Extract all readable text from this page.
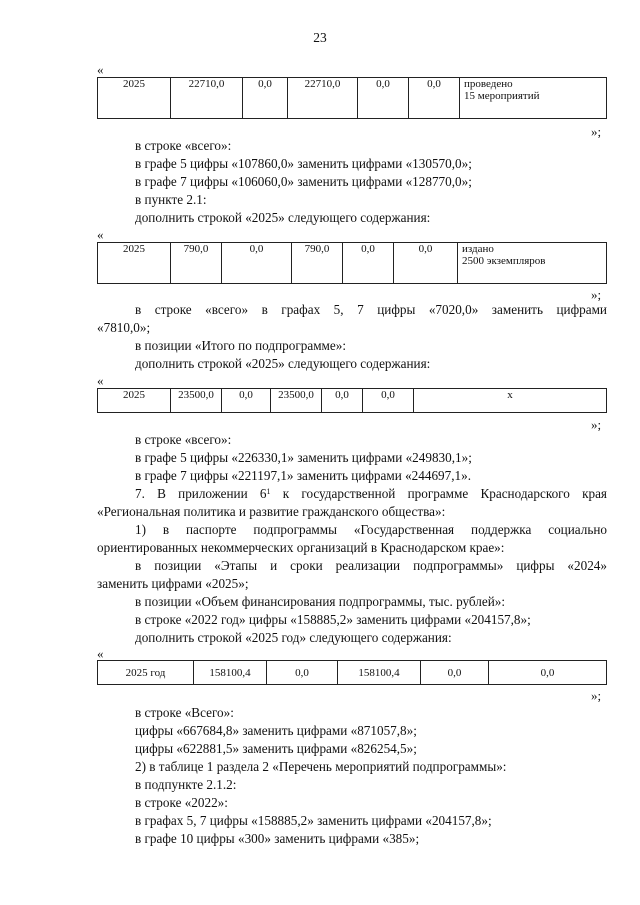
23
«
2025	22710,0	0,0	22710,0	0,0	0,0	проведено
15 мероприятий
»;
в строке «всего»:
в графе 5 цифры «107860,0» заменить цифрами «130570,0»;
в графе 7 цифры «106060,0» заменить цифрами «128770,0»;
в пункте 2.1:
дополнить строкой «2025» следующего содержания:
«
2025	790,0	0,0	790,0	0,0	0,0	издано
2500 экземпляров
»;
в строке «всего» в графах 5, 7 цифры «7020,0» заменить цифрами
«7810,0»;
в позиции «Итого по подпрограмме»:
дополнить строкой «2025» следующего содержания:
«
2025	23500,0	0,0	23500,0	0,0	0,0	х
»;
в строке «всего»:
в графе 5 цифры «226330,1» заменить цифрами «249830,1»;
в графе 7 цифры «221197,1» заменить цифрами «244697,1».
7. В приложении $6^1$ к государственной программе Краснодарского края
«Региональная политика и развитие гражданского общества»:
1) в паспорте подпрограммы «Государственная поддержка социально
ориентированных некоммерческих организаций в Краснодарском крае»:
в позиции «Этапы и сроки реализации подпрограммы» цифры «2024»
заменить цифрами «2025»;
в позиции «Объем финансирования подпрограммы, тыс. рублей»:
в строке «2022 год» цифры «158885,2» заменить цифрами «204157,8»;
дополнить строкой «2025 год» следующего содержания:
«
2025 год	158100,4	0,0	158100,4	0,0	0,0
»;
в строке «Всего»:
цифры «667684,8» заменить цифрами «871057,8»;
цифры «622881,5» заменить цифрами «826254,5»;
2) в таблице 1 раздела 2 «Перечень мероприятий подпрограммы»:
в подпункте 2.1.2:
в строке «2022»:
в графах 5, 7 цифры «158885,2» заменить цифрами «204157,8»;
в графе 10 цифры «300» заменить цифрами «385»;
